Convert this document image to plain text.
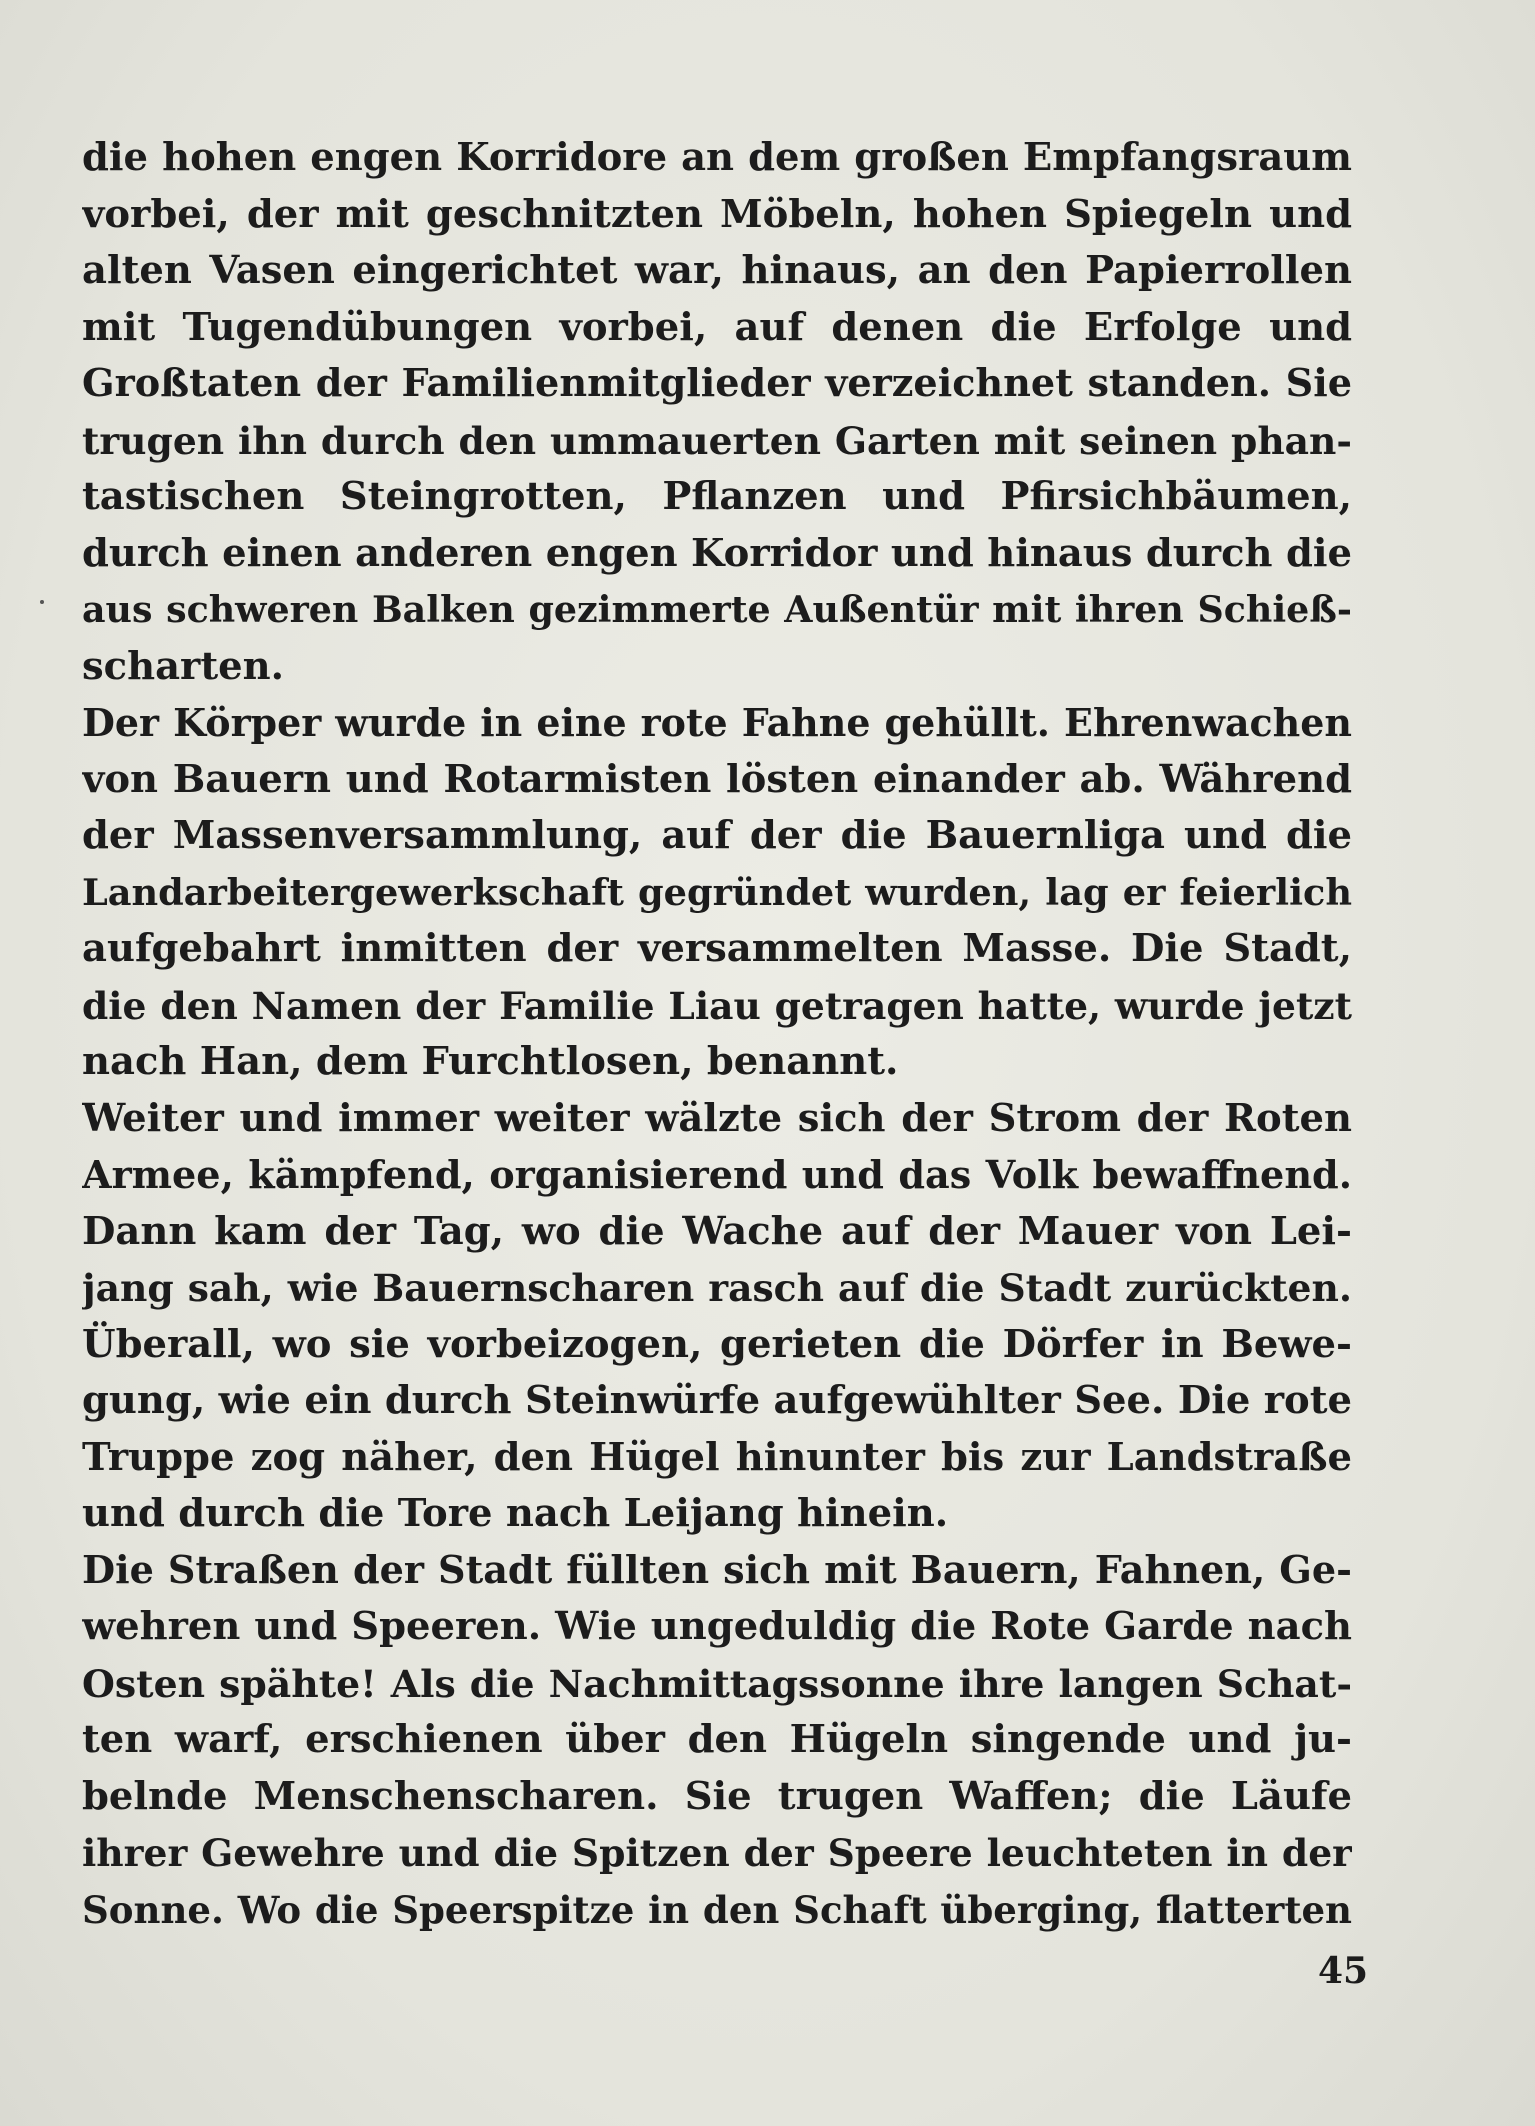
die hohen engen Korridore an dem großen Empfangsraum
vorbei, der mit geschnitzten Möbeln, hohen Spiegeln und
alten Vasen eingerichtet war, hinaus, an den Papierrollen
mit Tugendübungen vorbei, auf denen die Erfolge und
Großtaten der Familienmitglieder verzeichnet standen. Sie
trugen ihn durch den ummauerten Garten mit seinen phan-
tastischen Steingrotten, Pflanzen und Pfirsichbäumen,
durch einen anderen engen Korridor und hinaus durch die
aus schweren Balken gezimmerte Außentür mit ihren Schieß-
scharten.
Der Körper wurde in eine rote Fahne gehüllt. Ehrenwachen
von Bauern und Rotarmisten lösten einander ab. Während
der Massenversammlung, auf der die Bauernliga und die
Landarbeitergewerkschaft gegründet wurden, lag er feierlich
aufgebahrt inmitten der versammelten Masse. Die Stadt,
die den Namen der Familie Liau getragen hatte, wurde jetzt
nach Han, dem Furchtlosen, benannt.
Weiter und immer weiter wälzte sich der Strom der Roten
Armee, kämpfend, organisierend und das Volk bewaffnend.
Dann kam der Tag, wo die Wache auf der Mauer von Lei-
jang sah, wie Bauernscharen rasch auf die Stadt zurückten.
Überall, wo sie vorbeizogen, gerieten die Dörfer in Bewe-
gung, wie ein durch Steinwürfe aufgewühlter See. Die rote
Truppe zog näher, den Hügel hinunter bis zur Landstraße
und durch die Tore nach Leijang hinein.
Die Straßen der Stadt füllten sich mit Bauern, Fahnen, Ge-
wehren und Speeren. Wie ungeduldig die Rote Garde nach
Osten spähte! Als die Nachmittagssonne ihre langen Schat-
ten warf, erschienen über den Hügeln singende und ju-
belnde Menschenscharen. Sie trugen Waffen; die Läufe
ihrer Gewehre und die Spitzen der Speere leuchteten in der
Sonne. Wo die Speerspitze in den Schaft überging, flatterten
45
